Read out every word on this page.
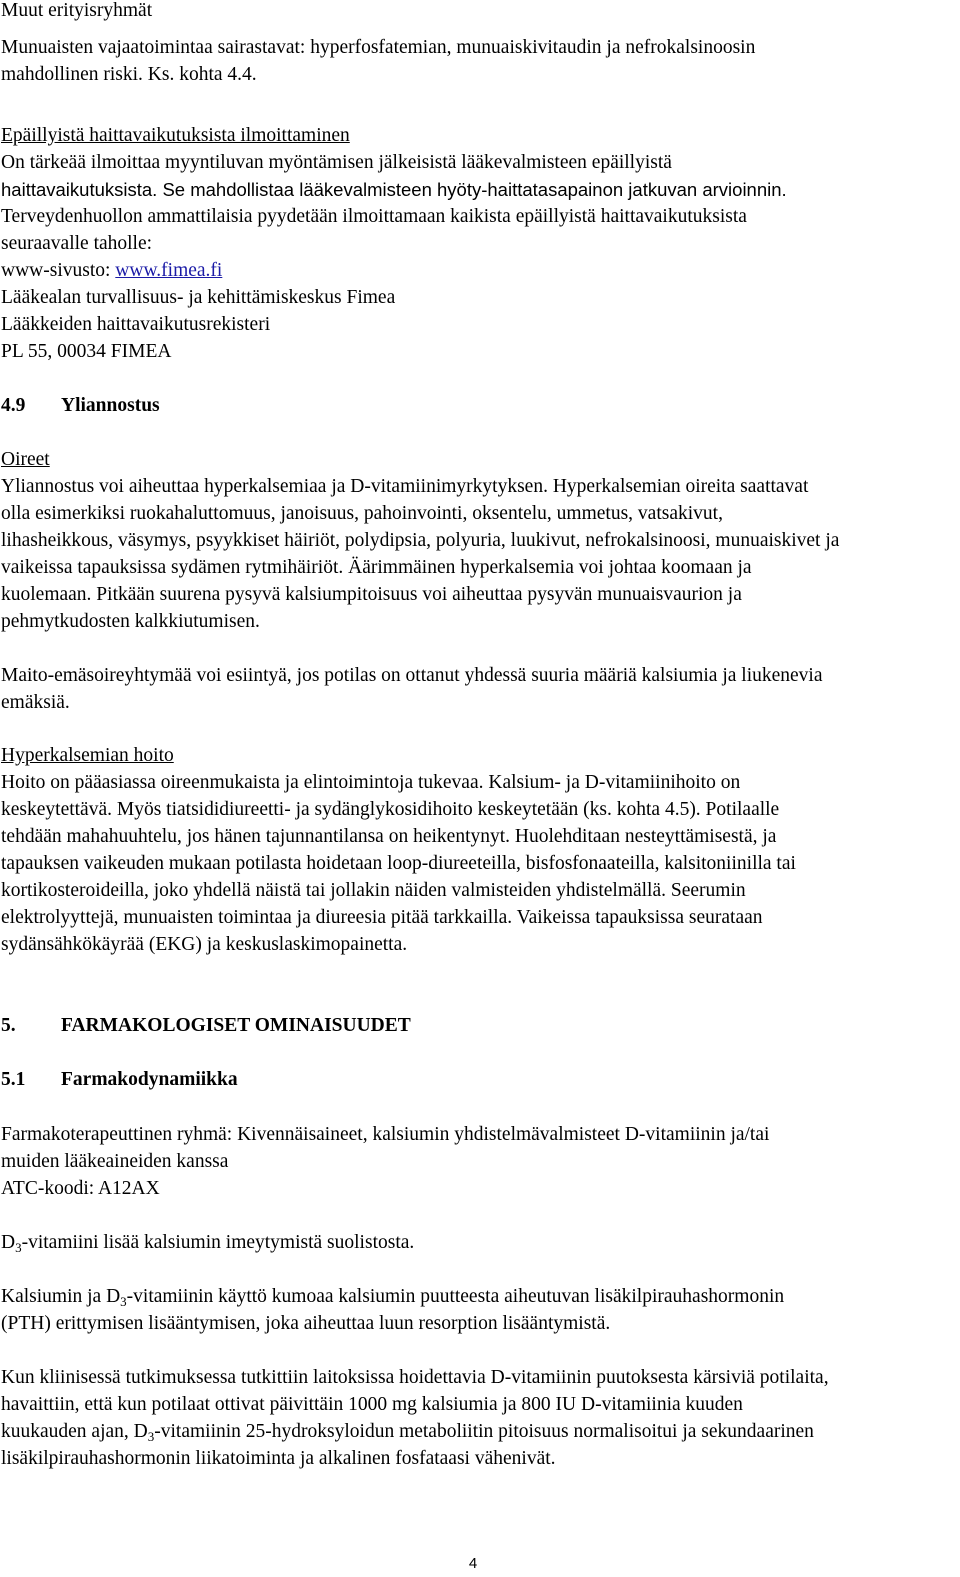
Muut erityisryhmät
Munuaisten vajaatoimintaa sairastavat: hyperfosfatemian, munuaiskivitaudin ja nefrokalsinoosin
mahdollinen riski. Ks. kohta 4.4.
Epäillyistä haittavaikutuksista ilmoittaminen
On tärkeää ilmoittaa myyntiluvan myöntämisen jälkeisistä lääkevalmisteen epäillyistä
haittavaikutuksista. Se mahdollistaa lääkevalmisteen hyöty-haittatasapainon jatkuvan arvioinnin.
Terveydenhuollon ammattilaisia pyydetään ilmoittamaan kaikista epäillyistä haittavaikutuksista
seuraavalle taholle:
www-sivusto: www.fimea.fi
Lääkealan turvallisuus- ja kehittämiskeskus Fimea
Lääkkeiden haittavaikutusrekisteri
PL 55, 00034 FIMEA
4.9 Yliannostus
Oireet
Yliannostus voi aiheuttaa hyperkalsemiaa ja D-vitamiinimyrkytyksen. Hyperkalsemian oireita saattavat
olla esimerkiksi ruokahaluttomuus, janoisuus, pahoinvointi, oksentelu, ummetus, vatsakivut,
lihasheikkous, väsymys, psyykkiset häiriöt, polydipsia, polyuria, luukivut, nefrokalsinoosi, munuaiskivet ja
vaikeissa tapauksissa sydämen rytmihäiriöt. Äärimmäinen hyperkalsemia voi johtaa koomaan ja
kuolemaan. Pitkään suurena pysyvä kalsiumpitoisuus voi aiheuttaa pysyvän munuaisvaurion ja
pehmytkudosten kalkkiutumisen.
Maito-emäsoireyhtymää voi esiintyä, jos potilas on ottanut yhdessä suuria määriä kalsiumia ja liukenevia
emäksiä.
Hyperkalsemian hoito
Hoito on pääasiassa oireenmukaista ja elintoimintoja tukevaa. Kalsium- ja D-vitamiinihoito on
keskeytettävä. Myös tiatsididiureetti- ja sydänglykosidihoito keskeytetään (ks. kohta 4.5). Potilaalle
tehdään mahahuuhtelu, jos hänen tajunnantilansa on heikentynyt. Huolehditaan nesteyttämisestä, ja
tapauksen vaikeuden mukaan potilasta hoidetaan loop-diureeteilla, bisfosfonaateilla, kalsitoniinilla tai
kortikosteroideilla, joko yhdellä näistä tai jollakin näiden valmisteiden yhdistelmällä. Seerumin
elektrolyyttejä, munuaisten toimintaa ja diureesia pitää tarkkailla. Vaikeissa tapauksissa seurataan
sydänsähkökäyrää (EKG) ja keskuslaskimopainetta.
5. FARMAKOLOGISET OMINAISUUDET
5.1 Farmakodynamiikka
Farmakoterapeuttinen ryhmä: Kivennäisaineet, kalsiumin yhdistelmävalmisteet D-vitamiinin ja/tai
muiden lääkeaineiden kanssa
ATC-koodi: A12AX
$D_3$-vitamiini lisää kalsiumin imeytymistä suolistosta.
Kalsiumin ja $D_3$-vitamiinin käyttö kumoaa kalsiumin puutteesta aiheutuvan lisäkilpirauhashormonin
(PTH) erittymisen lisääntymisen, joka aiheuttaa luun resorption lisääntymistä.
Kun kliinisessä tutkimuksessa tutkittiin laitoksissa hoidettavia D-vitamiinin puutoksesta kärsiviä potilaita,
havaittiin, että kun potilaat ottivat päivittäin 1000 mg kalsiumia ja 800 IU D-vitamiinia kuuden
kuukauden ajan, $D_3$-vitamiinin 25-hydroksyloidun metaboliitin pitoisuus normalisoitui ja sekundaarinen
lisäkilpirauhashormonin liikatoiminta ja alkalinen fosfataasi vähenivät.
4
